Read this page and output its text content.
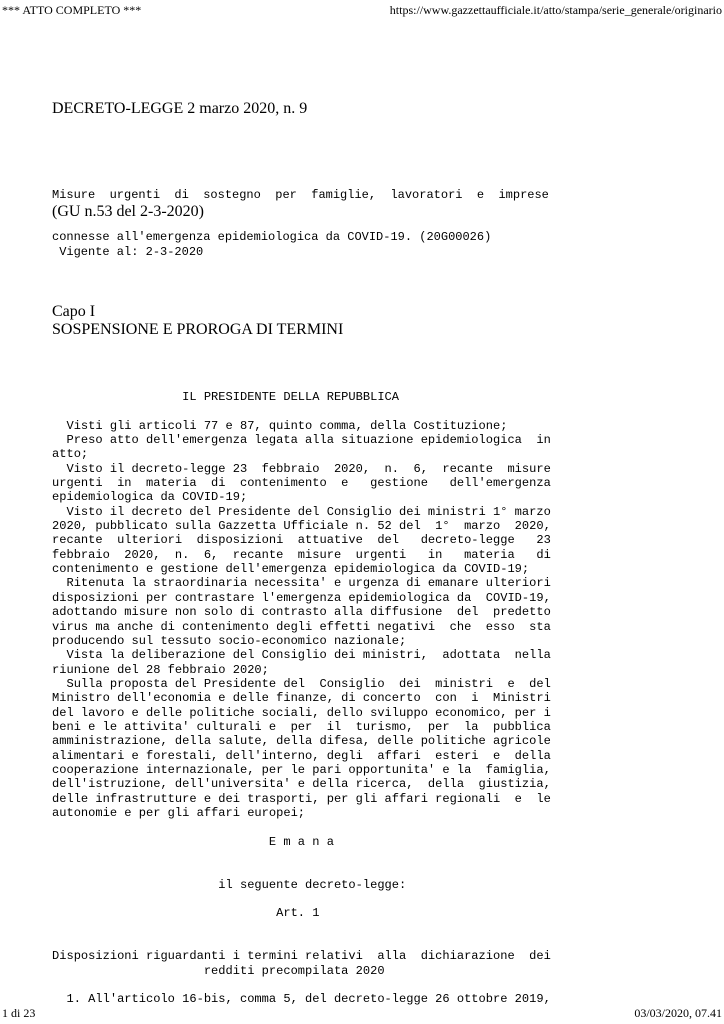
*** ATTO COMPLETO ***	https://www.gazzettaufficiale.it/atto/stampa/serie_generale/originario
DECRETO-LEGGE 2 marzo 2020, n. 9

Misure  urgenti  di  sostegno  per  famiglie,  lavoratori  e  imprese

connesse all'emergenza epidemiologica da COVID-19. (20G00026)

(GU n.53 del 2-3-2020)
Vigente al: 2-3-2020
Capo I
SOSPENSIONE E PROROGA DI TERMINI
IL PRESIDENTE DELLA REPUBBLICA
Visti gli articoli 77 e 87, quinto comma, della Costituzione;
Preso atto dell'emergenza legata alla situazione epidemiologica  in
atto;
Visto il decreto-legge 23  febbraio  2020,  n.  6,  recante  misure
urgenti  in  materia  di  contenimento  e   gestione   dell'emergenza
epidemiologica da COVID-19;
Visto il decreto del Presidente del Consiglio dei ministri 1° marzo
2020, pubblicato sulla Gazzetta Ufficiale n. 52 del  1°  marzo  2020,
recante  ulteriori  disposizioni  attuative  del   decreto-legge   23
febbraio  2020,  n.  6,  recante  misure  urgenti   in   materia   di
contenimento e gestione dell'emergenza epidemiologica da COVID-19;
Ritenuta la straordinaria necessita' e urgenza di emanare ulteriori
disposizioni per contrastare l'emergenza epidemiologica da  COVID-19,
adottando misure non solo di contrasto alla diffusione  del  predetto
virus ma anche di contenimento degli effetti negativi  che  esso  sta
producendo sul tessuto socio-economico nazionale;
Vista la deliberazione del Consiglio dei ministri,  adottata  nella
riunione del 28 febbraio 2020;
Sulla proposta del Presidente del  Consiglio  dei  ministri  e  del
Ministro dell'economia e delle finanze, di concerto  con  i  Ministri
del lavoro e delle politiche sociali, dello sviluppo economico, per i
beni e le attivita' culturali e  per  il  turismo,  per  la  pubblica
amministrazione, della salute, della difesa, delle politiche agricole
alimentari e forestali, dell'interno, degli  affari  esteri  e  della
cooperazione internazionale, per le pari opportunita' e la  famiglia,
dell'istruzione, dell'universita' e della ricerca,  della  giustizia,
delle infrastrutture e dei trasporti, per gli affari regionali  e  le
autonomie e per gli affari europei;
E m a n a
il seguente decreto-legge:
Art. 1
Disposizioni riguardanti i termini relativi  alla  dichiarazione  dei
redditi precompilata 2020
1. All'articolo 16-bis, comma 5, del decreto-legge 26 ottobre 2019,
1 di 23	03/03/2020, 07.41
